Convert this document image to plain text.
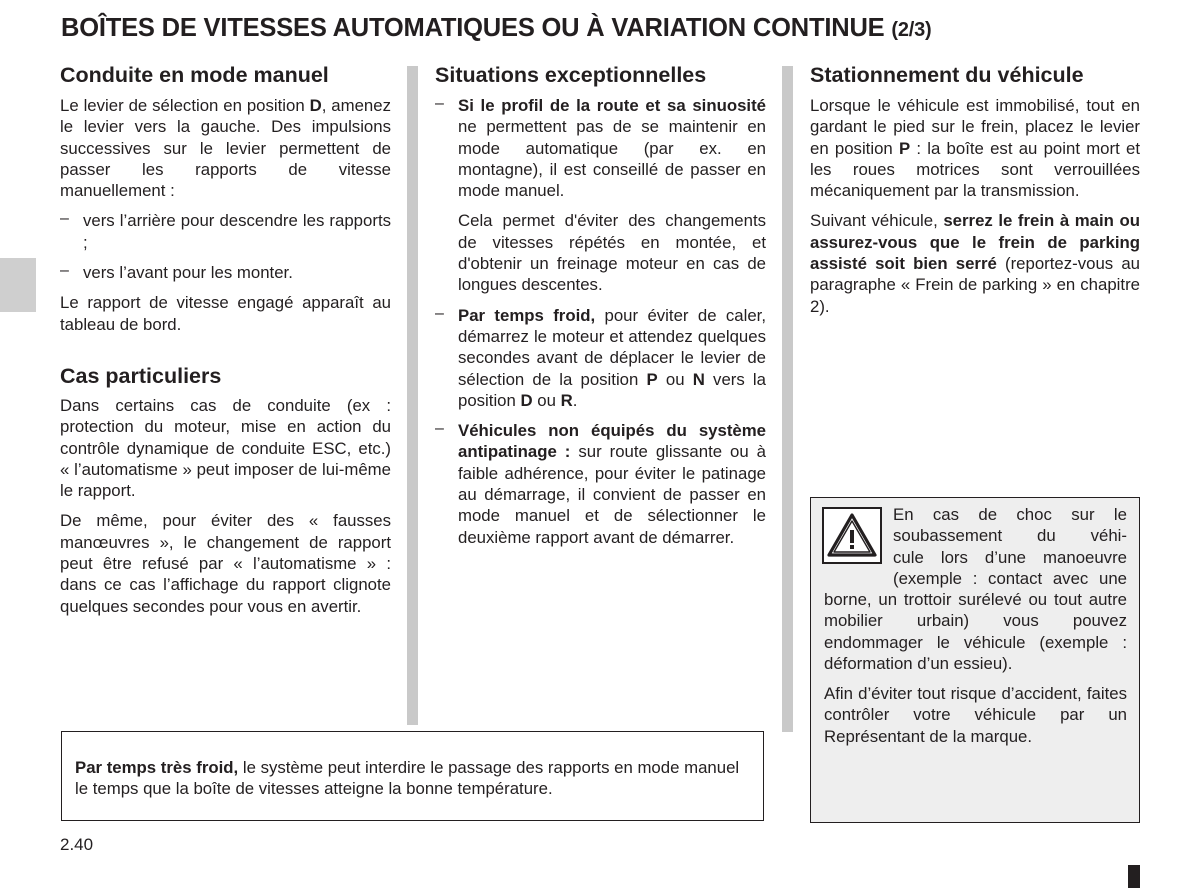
BOÎTES DE VITESSES AUTOMATIQUES OU À VARIATION CONTINUE (2/3)
Conduite en mode manuel

Le levier de sélection en position D, amenez le levier vers la gauche. Des impulsions successives sur le levier permettent de passer les rapports de vitesse manuellement :

– vers l’arrière pour descendre les rapports ;

– vers l’avant pour les monter.

Le rapport de vitesse engagé apparaît au tableau de bord.

Cas particuliers

Dans certains cas de conduite (ex : protection du moteur, mise en action du contrôle dynamique de conduite ESC, etc.) « l’automatisme » peut imposer de lui-même le rapport.

De même, pour éviter des « fausses manœuvres », le changement de rapport peut être refusé par « l’automatisme » : dans ce cas l’affichage du rapport clignote quelques secondes pour vous en avertir.

Situations exceptionnelles
– Si le profil de la route et sa sinuosité ne permettent pas de se maintenir en mode automatique (par ex. en montagne), il est conseillé de passer en mode manuel.

Cela permet d'éviter des changements de vitesses répétés en montée, et d'obtenir un freinage moteur en cas de longues descentes.

– Par temps froid, pour éviter de caler, démarrez le moteur et attendez quelques secondes avant de déplacer le levier de sélection de la position P ou N vers la position D ou R.

– Véhicules non équipés du système antipatinage : sur route glissante ou à faible adhérence, pour éviter le patinage au démarrage, il convient de passer en mode manuel et de sélectionner le deuxième rapport avant de démarrer.

Stationnement du véhicule

Lorsque le véhicule est immobilisé, tout en gardant le pied sur le frein, placez le levier en position P : la boîte est au point mort et les roues motrices sont verrouillées mécaniquement par la transmission.

Suivant véhicule, serrez le frein à main ou assurez-vous que le frein de parking assisté soit bien serré (reportez-vous au paragraphe « Frein de parking » en chapitre 2).

Par temps très froid, le système peut interdire le passage des rapports en mode manuel le temps que la boîte de vitesses atteigne la bonne température.

En cas de choc sur le

soubassement du véhi-

cule lors d’une manoeuvre

(exemple : contact avec une

borne, un trottoir surélevé ou tout autre mobilier urbain) vous pouvez endommager le véhicule (exemple : déformation d’un essieu).

Afin d’éviter tout risque d’accident, faites contrôler votre véhicule par un Représentant de la marque.

2.40
